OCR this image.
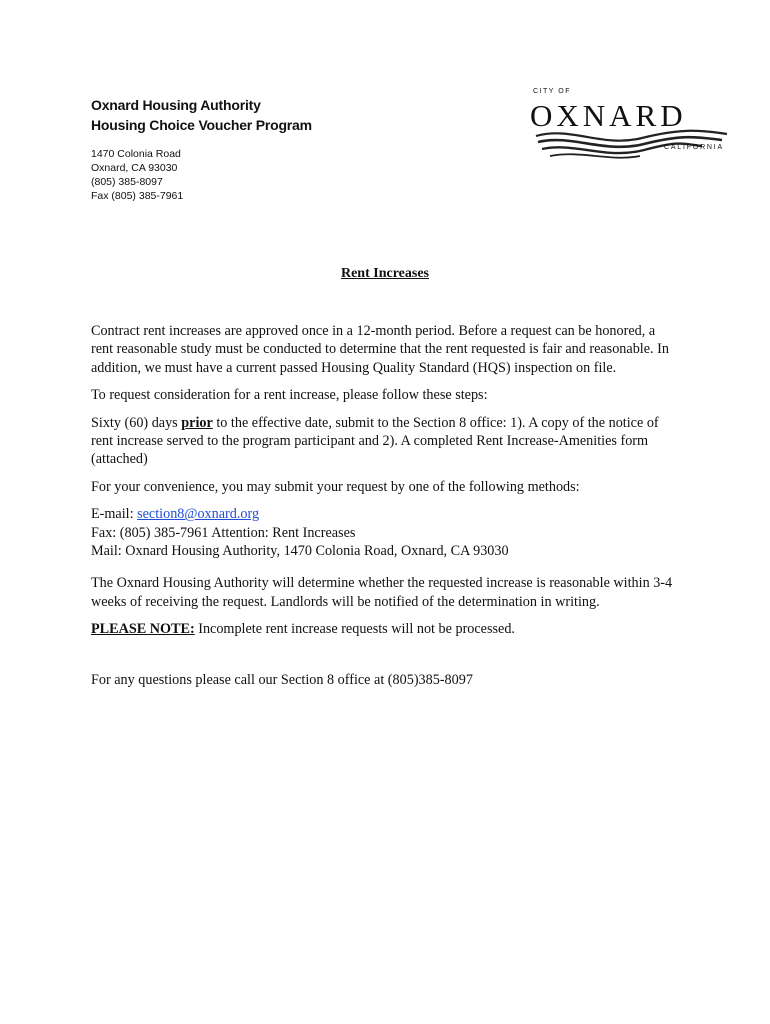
Oxnard Housing Authority
Housing Choice Voucher Program
1470 Colonia Road
Oxnard, CA 93030
(805) 385-8097
Fax (805) 385-7961
CITY OF
OXNARD
CALIFORNIA
Rent Increases

Contract rent increases are approved once in a 12-month period. Before a request can be honored, a rent reasonable study must be conducted to determine that the rent requested is fair and reasonable. In addition, we must have a current passed Housing Quality Standard (HQS) inspection on file.

To request consideration for a rent increase, please follow these steps:

Sixty (60) days prior to the effective date, submit to the Section 8 office: 1). A copy of the notice of rent increase served to the program participant and 2). A completed Rent Increase-Amenities form (attached)

For your convenience, you may submit your request by one of the following methods:

E-mail: section8@oxnard.org
Fax: (805) 385-7961 Attention: Rent Increases
Mail: Oxnard Housing Authority, 1470 Colonia Road, Oxnard, CA 93030

The Oxnard Housing Authority will determine whether the requested increase is reasonable within 3-4 weeks of receiving the request. Landlords will be notified of the determination in writing.

PLEASE NOTE: Incomplete rent increase requests will not be processed.

For any questions please call our Section 8 office at (805)385-8097
